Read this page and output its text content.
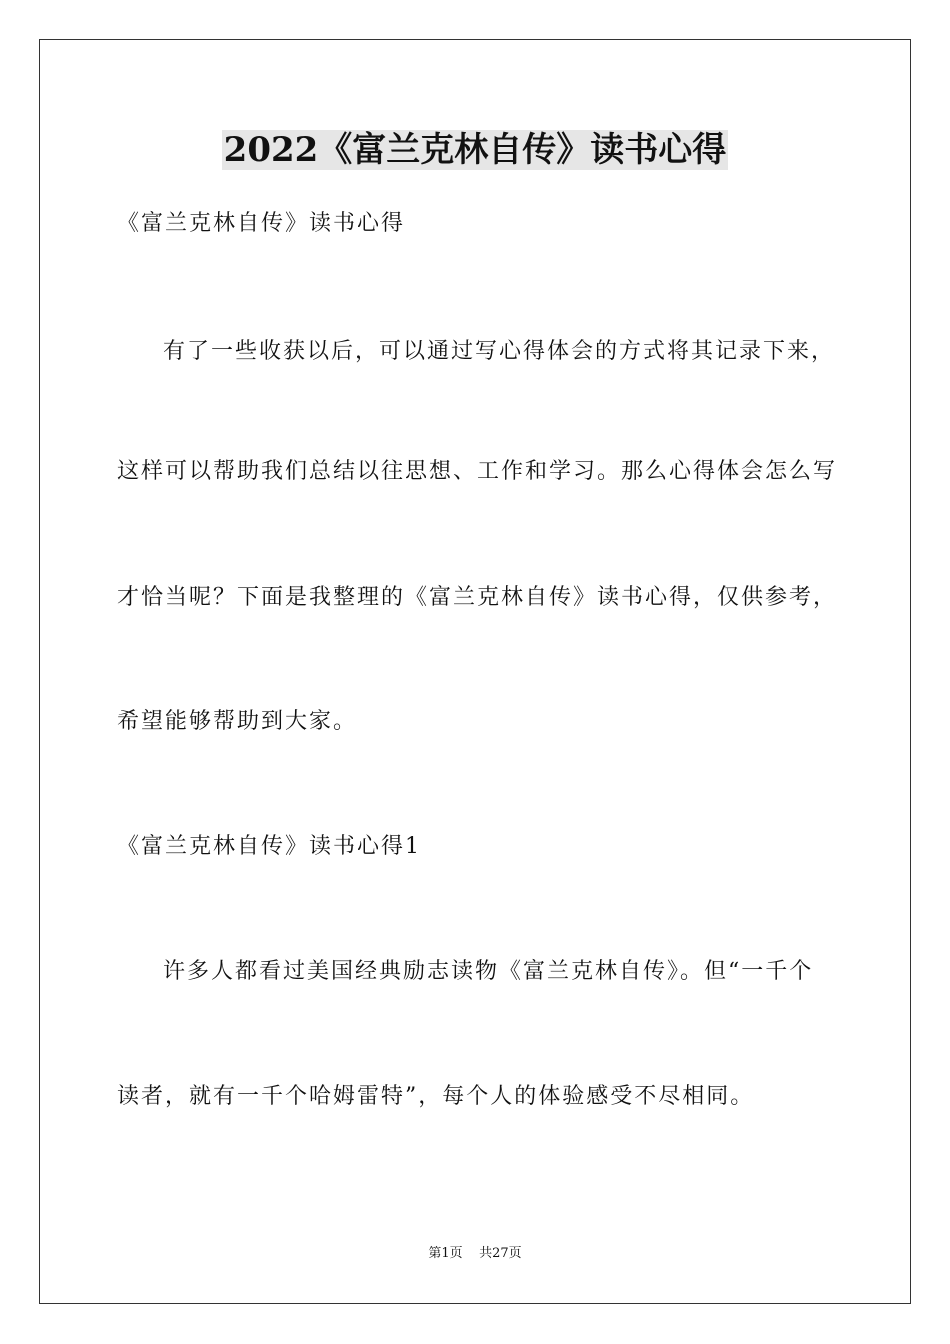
2022《富兰克林自传》读书心得

《富兰克林自传》读书心得

有了一些收获以后，可以通过写心得体会的方式将其记录下来，

这样可以帮助我们总结以往思想、工作和学习。那么心得体会怎么写

才恰当呢？下面是我整理的《富兰克林自传》读书心得，仅供参考，

希望能够帮助到大家。

《富兰克林自传》读书心得1

许多人都看过美国经典励志读物《富兰克林自传》。但“一千个

读者，就有一千个哈姆雷特”，每个人的体验感受不尽相同。

第1页 共27页
